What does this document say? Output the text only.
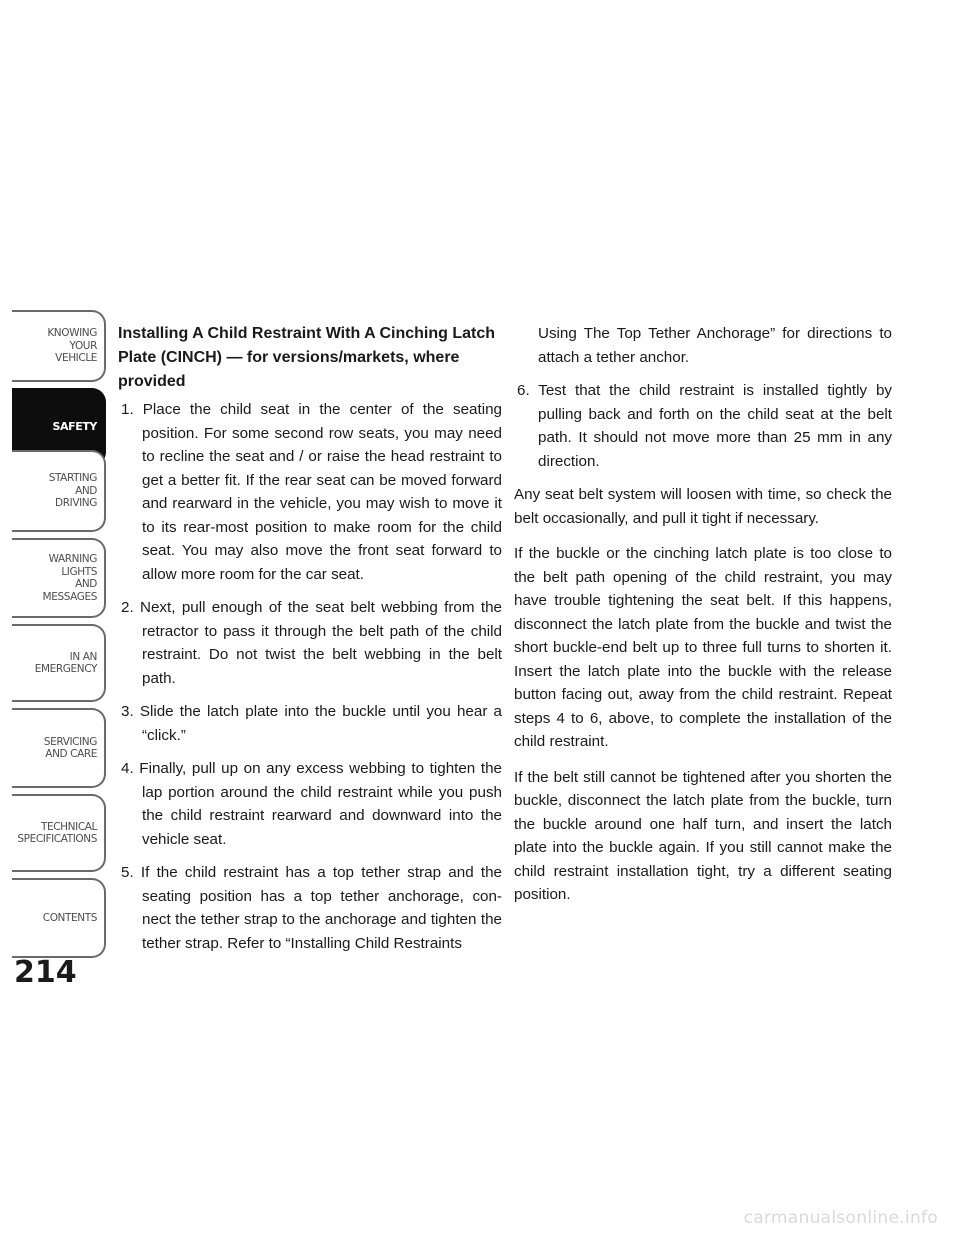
KNOWING
YOUR
VEHICLE
SAFETY
STARTING
AND
DRIVING
WARNING
LIGHTS
AND
MESSAGES
IN AN
EMERGENCY
SERVICING
AND CARE
TECHNICAL
SPECIFICATIONS
CONTENTS
214

Installing A Child Restraint With A Cinching Latch Plate (CINCH) — for versions/markets, where provided

1. Place the child seat in the center of the seating position. For some second row seats, you may need to recline the seat and / or raise the head restraint to get a better fit. If the rear seat can be moved forward and rearward in the vehicle, you may wish to move it to its rear-most position to make room for the child seat. You may also move the front seat forward to allow more room for the car seat.

2. Next, pull enough of the seat belt webbing from the retractor to pass it through the belt path of the child restraint. Do not twist the belt webbing in the belt path.

3. Slide the latch plate into the buckle until you hear a “click.”

4. Finally, pull up on any excess webbing to tighten the lap portion around the child restraint while you push the child restraint rearward and downward into the vehicle seat.

5. If the child restraint has a top tether strap and the seating position has a top tether anchorage, con- nect the tether strap to the anchorage and tighten the tether strap. Refer to “Installing Child Restraints

Using The Top Tether Anchorage” for directions to attach a tether anchor.

6. Test that the child restraint is installed tightly by pulling back and forth on the child seat at the belt path. It should not move more than 25 mm in any direction.

Any seat belt system will loosen with time, so check the belt occasionally, and pull it tight if necessary.

If the buckle or the cinching latch plate is too close to the belt path opening of the child restraint, you may have trouble tightening the seat belt. If this happens, disconnect the latch plate from the buckle and twist the short buckle-end belt up to three full turns to shorten it. Insert the latch plate into the buckle with the release button facing out, away from the child restraint. Repeat steps 4 to 6, above, to complete the installation of the child restraint.

If the belt still cannot be tightened after you shorten the buckle, disconnect the latch plate from the buckle, turn the buckle around one half turn, and insert the latch plate into the buckle again. If you still cannot make the child restraint installation tight, try a different seating position.

carmanualsonline.info
